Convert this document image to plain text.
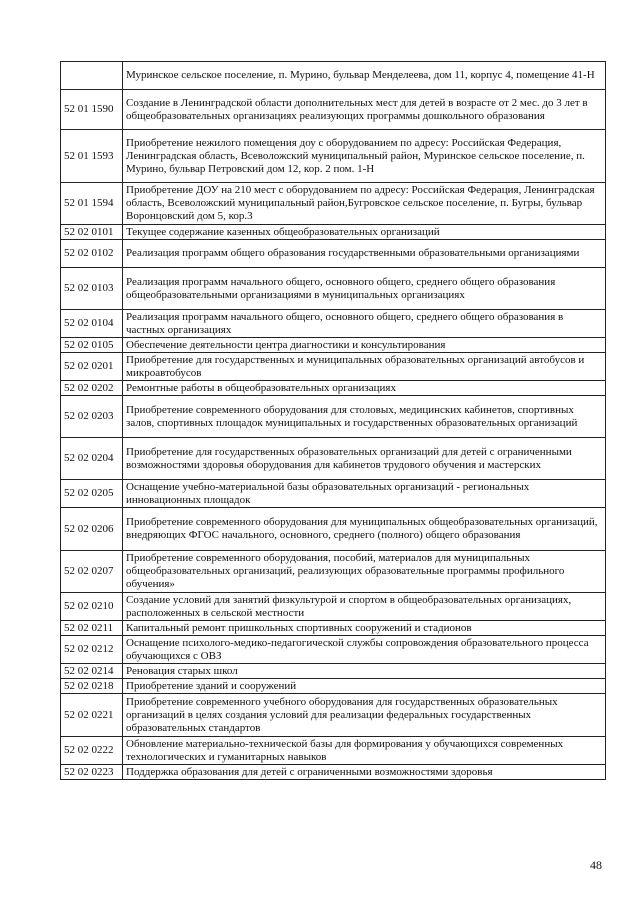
	Муринское сельское поселение, п. Мурино, бульвар Менделеева, дом 11, корпус 4, помещение 41-Н
52 01 1590	Создание в Ленинградской области дополнительных мест для детей в возрасте от 2 мес. до 3 лет в общеобразовательных организациях реализующих программы дошкольного образования
52 01 1593	Приобретение нежилого помещения доу с оборудованием по адресу: Российская Федерация, Ленинградская область, Всеволожский муниципальный район, Муринское сельское поселение, п. Мурино, бульвар Петровский дом 12, кор. 2 пом. 1-Н
52 01 1594	Приобретение ДОУ на 210 мест с оборудованием по адресу: Российская Федерация, Ленинградская область, Всеволожский муниципальный район,Бугровское сельское поселение, п. Бугры, бульвар Воронцовский дом 5, кор.3
52 02 0101	Текущее содержание казенных общеобразовательных организаций
52 02 0102	Реализация программ общего образования государственными образовательными организациями
52 02 0103	Реализация программ начального общего, основного общего, среднего общего образования общеобразовательными организациями в муниципальных организациях
52 02 0104	Реализация программ начального общего, основного общего, среднего общего образования в частных организациях
52 02 0105	Обеспечение деятельности центра диагностики и консультирования
52 02 0201	Приобретение для государственных и муниципальных образовательных организаций автобусов и микроавтобусов
52 02 0202	Ремонтные работы в общеобразовательных организациях
52 02 0203	Приобретение современного оборудования для столовых, медицинских кабинетов, спортивных залов, спортивных площадок муниципальных и государственных образовательных организаций
52 02 0204	Приобретение для государственных образовательных организаций для детей с ограниченными возможностями здоровья оборудования для кабинетов трудового обучения и мастерских
52 02 0205	Оснащение учебно-материальной базы образовательных организаций - региональных инновационных площадок
52 02 0206	Приобретение современного оборудования для муниципальных общеобразовательных организаций, внедряющих ФГОС начального, основного, среднего (полного) общего образования
52 02 0207	Приобретение современного оборудования, пособий, материалов для муниципальных общеобразовательных организаций, реализующих образовательные программы профильного обучения»
52 02 0210	Создание условий для занятий физкультурой и спортом в общеобразовательных организациях, расположенных в сельской местности
52 02 0211	Капитальный ремонт пришкольных спортивных сооружений и стадионов
52 02 0212	Оснащение психолого-медико-педагогической службы сопровождения образовательного процесса обучающихся с ОВЗ
52 02 0214	Реновация старых школ
52 02 0218	Приобретение зданий и сооружений
52 02 0221	Приобретение современного учебного оборудования для государственных образовательных организаций в целях создания условий для реализации федеральных государственных образовательных стандартов
52 02 0222	Обновление материально-технической базы для формирования у обучающихся современных технологических и гуманитарных навыков
52 02 0223	Поддержка образования для детей с ограниченными возможностями здоровья
48
